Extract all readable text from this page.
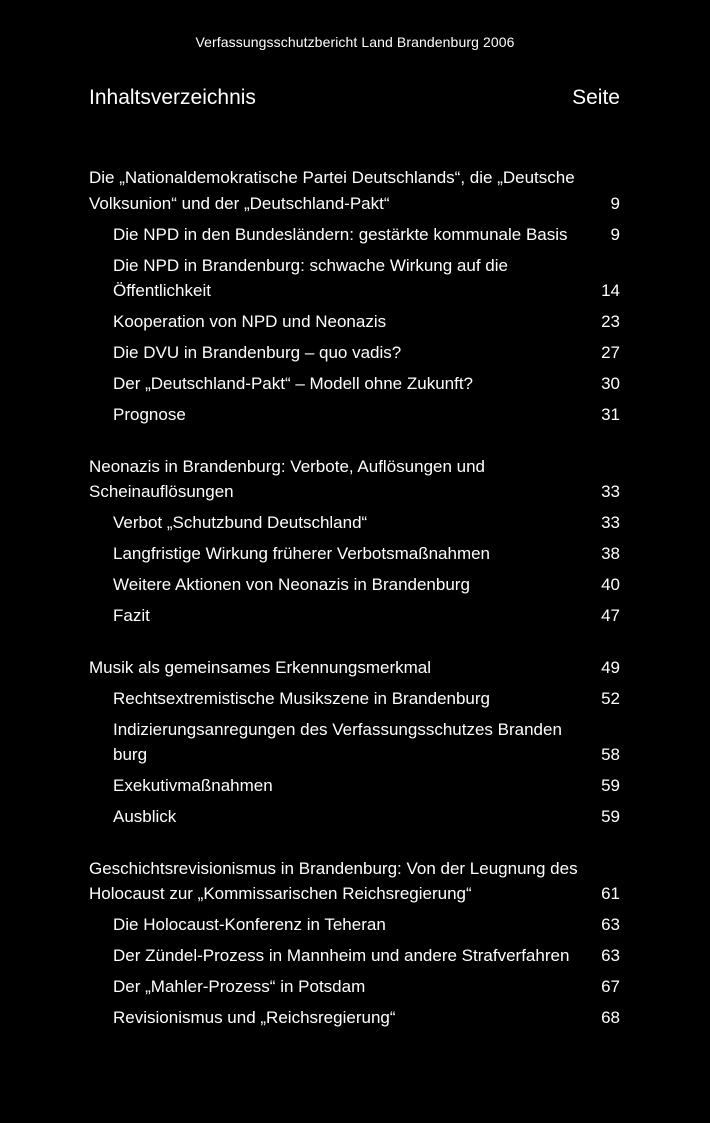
Verfassungsschutzbericht Land Brandenburg 2006
Inhaltsverzeichnis	Seite
Die „Nationaldemokratische Partei Deutschlands“, die „Deutsche Volksunion“ und der „Deutschland-Pakt“	9
Die NPD in den Bundesländern: gestärkte kommunale Basis	9
Die NPD in Brandenburg: schwache Wirkung auf die Öffentlichkeit	14
Kooperation von NPD und Neonazis	23
Die DVU in Brandenburg – quo vadis?	27
Der „Deutschland-Pakt“ – Modell ohne Zukunft?	30
Prognose	31
Neonazis in Brandenburg: Verbote, Auflösungen und Scheinauflösungen	33
Verbot „Schutzbund Deutschland“	33
Langfristige Wirkung früherer Verbotsmaßnahmen	38
Weitere Aktionen von Neonazis in Brandenburg	40
Fazit	47
Musik als gemeinsames Erkennungsmerkmal	49
Rechtsextremistische Musikszene in Brandenburg	52
Indizierungsanregungen des Verfassungsschutzes Branden burg	58
Exekutivmaßnahmen	59
Ausblick	59
Geschichtsrevisionismus in Brandenburg: Von der Leugnung des Holocaust zur „Kommissarischen Reichsregierung“	61
Die Holocaust-Konferenz in Teheran	63
Der Zündel-Prozess in Mannheim und andere Strafverfahren	63
Der „Mahler-Prozess“ in Potsdam	67
Revisionismus und „Reichsregierung“	68
